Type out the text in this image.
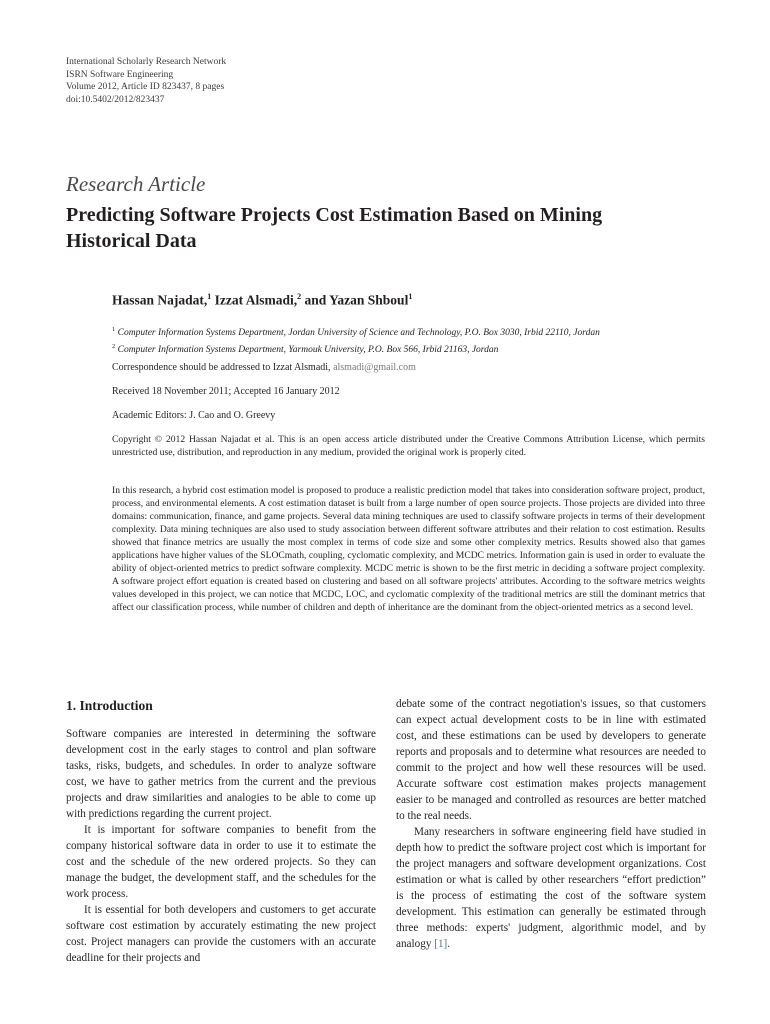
International Scholarly Research Network
ISRN Software Engineering
Volume 2012, Article ID 823437, 8 pages
doi:10.5402/2012/823437
Research Article
Predicting Software Projects Cost Estimation Based on Mining Historical Data
Hassan Najadat,$^1$ Izzat Alsmadi,$^2$ and Yazan Shboul$^1$
$^1$ Computer Information Systems Department, Jordan University of Science and Technology, P.O. Box 3030, Irbid 22110, Jordan
$^2$ Computer Information Systems Department, Yarmouk University, P.O. Box 566, Irbid 21163, Jordan
Correspondence should be addressed to Izzat Alsmadi, alsmadi@gmail.com
Received 18 November 2011; Accepted 16 January 2012
Academic Editors: J. Cao and O. Greevy
Copyright © 2012 Hassan Najadat et al. This is an open access article distributed under the Creative Commons Attribution License, which permits unrestricted use, distribution, and reproduction in any medium, provided the original work is properly cited.
In this research, a hybrid cost estimation model is proposed to produce a realistic prediction model that takes into consideration software project, product, process, and environmental elements. A cost estimation dataset is built from a large number of open source projects. Those projects are divided into three domains: communication, finance, and game projects. Several data mining techniques are used to classify software projects in terms of their development complexity. Data mining techniques are also used to study association between different software attributes and their relation to cost estimation. Results showed that finance metrics are usually the most complex in terms of code size and some other complexity metrics. Results showed also that games applications have higher values of the SLOCmath, coupling, cyclomatic complexity, and MCDC metrics. Information gain is used in order to evaluate the ability of object-oriented metrics to predict software complexity. MCDC metric is shown to be the first metric in deciding a software project complexity. A software project effort equation is created based on clustering and based on all software projects' attributes. According to the software metrics weights values developed in this project, we can notice that MCDC, LOC, and cyclomatic complexity of the traditional metrics are still the dominant metrics that affect our classification process, while number of children and depth of inheritance are the dominant from the object-oriented metrics as a second level.
1. Introduction

Software companies are interested in determining the software development cost in the early stages to control and plan software tasks, risks, budgets, and schedules. In order to analyze software cost, we have to gather metrics from the current and the previous projects and draw similarities and analogies to be able to come up with predictions regarding the current project.

It is important for software companies to benefit from the company historical software data in order to use it to estimate the cost and the schedule of the new ordered projects. So they can manage the budget, the development staff, and the schedules for the work process.

It is essential for both developers and customers to get accurate software cost estimation by accurately estimating the new project cost. Project managers can provide the customers with an accurate deadline for their projects and

debate some of the contract negotiation's issues, so that customers can expect actual development costs to be in line with estimated cost, and these estimations can be used by developers to generate reports and proposals and to determine what resources are needed to commit to the project and how well these resources will be used. Accurate software cost estimation makes projects management easier to be managed and controlled as resources are better matched to the real needs.

Many researchers in software engineering field have studied in depth how to predict the software project cost which is important for the project managers and software development organizations. Cost estimation or what is called by other researchers “effort prediction” is the process of estimating the cost of the software system development. This estimation can generally be estimated through three methods: experts' judgment, algorithmic model, and by analogy [1].
